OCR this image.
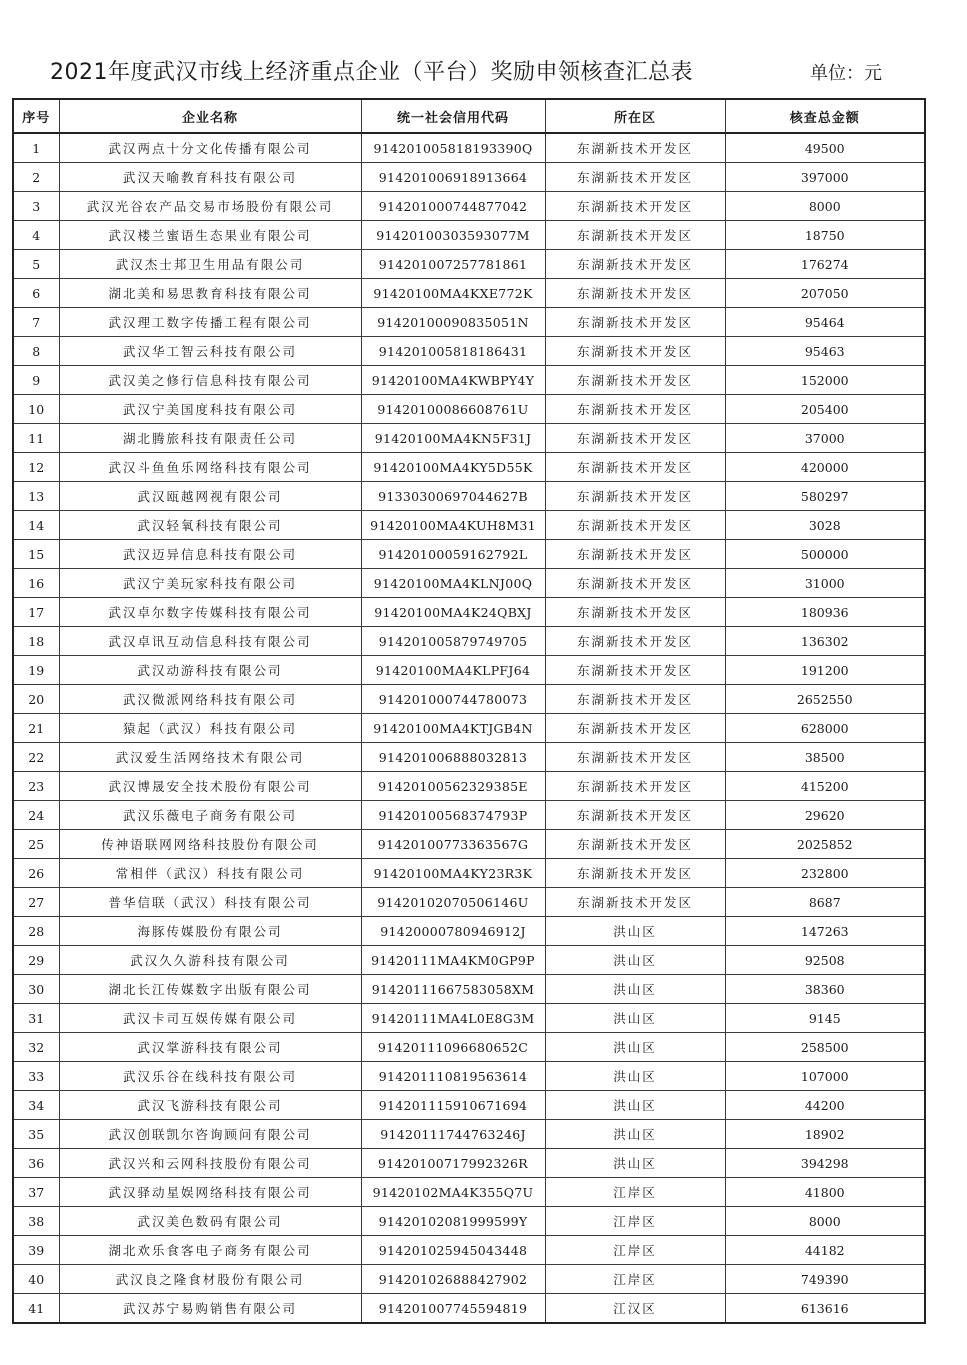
2021年度武汉市线上经济重点企业（平台）奖励申领核查汇总表	单位：元
序号	企业名称	统一社会信用代码	所在区	核查总金额
1	武汉两点十分文化传播有限公司	914201005818193390Q	东湖新技术开发区	49500
2	武汉天喻教育科技有限公司	914201006918913664	东湖新技术开发区	397000
3	武汉光谷农产品交易市场股份有限公司	914201000744877042	东湖新技术开发区	8000
4	武汉楼兰蜜语生态果业有限公司	91420100303593077M	东湖新技术开发区	18750
5	武汉杰士邦卫生用品有限公司	914201007257781861	东湖新技术开发区	176274
6	湖北美和易思教育科技有限公司	91420100MA4KXE772K	东湖新技术开发区	207050
7	武汉理工数字传播工程有限公司	91420100090835051N	东湖新技术开发区	95464
8	武汉华工智云科技有限公司	914201005818186431	东湖新技术开发区	95463
9	武汉美之修行信息科技有限公司	91420100MA4KWBPY4Y	东湖新技术开发区	152000
10	武汉宁美国度科技有限公司	91420100086608761U	东湖新技术开发区	205400
11	湖北腾旅科技有限责任公司	91420100MA4KN5F31J	东湖新技术开发区	37000
12	武汉斗鱼鱼乐网络科技有限公司	91420100MA4KY5D55K	东湖新技术开发区	420000
13	武汉瓯越网视有限公司	91330300697044627B	东湖新技术开发区	580297
14	武汉轻氧科技有限公司	91420100MA4KUH8M31	东湖新技术开发区	3028
15	武汉迈异信息科技有限公司	91420100059162792L	东湖新技术开发区	500000
16	武汉宁美玩家科技有限公司	91420100MA4KLNJ00Q	东湖新技术开发区	31000
17	武汉卓尔数字传媒科技有限公司	91420100MA4K24QBXJ	东湖新技术开发区	180936
18	武汉卓讯互动信息科技有限公司	914201005879749705	东湖新技术开发区	136302
19	武汉动游科技有限公司	91420100MA4KLPFJ64	东湖新技术开发区	191200
20	武汉微派网络科技有限公司	914201000744780073	东湖新技术开发区	2652550
21	猿起（武汉）科技有限公司	91420100MA4KTJGB4N	东湖新技术开发区	628000
22	武汉爱生活网络技术有限公司	914201006888032813	东湖新技术开发区	38500
23	武汉博晟安全技术股份有限公司	91420100562329385E	东湖新技术开发区	415200
24	武汉乐薇电子商务有限公司	91420100568374793P	东湖新技术开发区	29620
25	传神语联网网络科技股份有限公司	91420100773363567G	东湖新技术开发区	2025852
26	常相伴（武汉）科技有限公司	91420100MA4KY23R3K	东湖新技术开发区	232800
27	普华信联（武汉）科技有限公司	91420102070506146U	东湖新技术开发区	8687
28	海豚传媒股份有限公司	91420000780946912J	洪山区	147263
29	武汉久久游科技有限公司	91420111MA4KM0GP9P	洪山区	92508
30	湖北长江传媒数字出版有限公司	91420111667583058XM	洪山区	38360
31	武汉卡司互娱传媒有限公司	91420111MA4L0E8G3M	洪山区	9145
32	武汉掌游科技有限公司	91420111096680652C	洪山区	258500
33	武汉乐谷在线科技有限公司	914201110819563614	洪山区	107000
34	武汉飞游科技有限公司	914201115910671694	洪山区	44200
35	武汉创联凯尔咨询顾问有限公司	91420111744763246J	洪山区	18902
36	武汉兴和云网科技股份有限公司	91420100717992326R	洪山区	394298
37	武汉驿动星娱网络科技有限公司	91420102MA4K355Q7U	江岸区	41800
38	武汉美色数码有限公司	91420102081999599Y	江岸区	8000
39	湖北欢乐食客电子商务有限公司	914201025945043448	江岸区	44182
40	武汉良之隆食材股份有限公司	914201026888427902	江岸区	749390
41	武汉苏宁易购销售有限公司	914201007745594819	江汉区	613616
